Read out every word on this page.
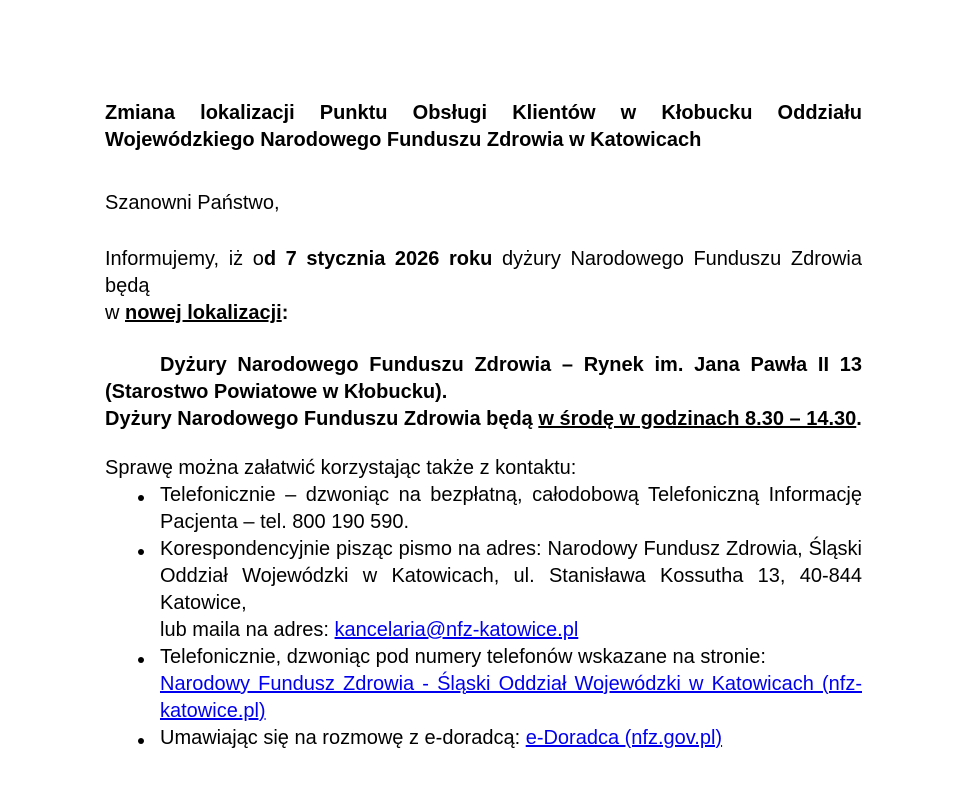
Zmiana lokalizacji Punktu Obsługi Klientów w Kłobucku Oddziału
Wojewódzkiego Narodowego Funduszu Zdrowia w Katowicach
Szanowni Państwo,
Informujemy, iż od 7 stycznia 2026 roku dyżury Narodowego Funduszu Zdrowia będą
w nowej lokalizacji:
Dyżury Narodowego Funduszu Zdrowia – Rynek im. Jana Pawła II 13
(Starostwo Powiatowe w Kłobucku).
Dyżury Narodowego Funduszu Zdrowia będą w środę w godzinach 8.30 – 14.30.
Sprawę można załatwić korzystając także z kontaktu:
Telefonicznie – dzwoniąc na bezpłatną, całodobową Telefoniczną Informację
Pacjenta – tel. 800 190 590.
Korespondencyjnie pisząc pismo na adres: Narodowy Fundusz Zdrowia, Śląski
Oddział Wojewódzki w Katowicach, ul. Stanisława Kossutha 13, 40-844
Katowice,
lub maila na adres: kancelaria@nfz-katowice.pl
Telefonicznie, dzwoniąc pod numery telefonów wskazane na stronie:
Narodowy Fundusz Zdrowia - Śląski Oddział Wojewódzki w Katowicach (nfz-
katowice.pl)
Umawiając się na rozmowę z e-doradcą: e-Doradca (nfz.gov.pl)
